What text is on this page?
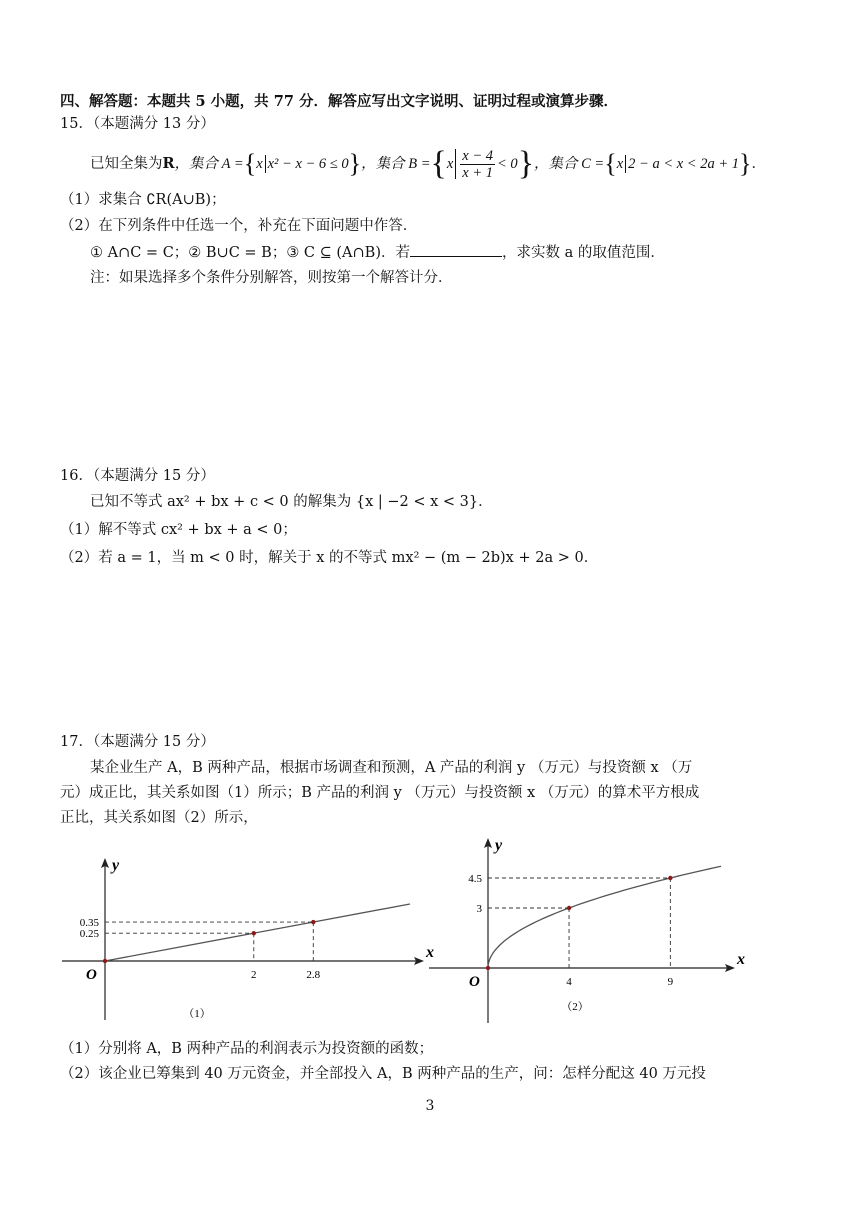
四、解答题：本题共 5 小题，共 77 分．解答应写出文字说明、证明过程或演算步骤．
15．（本题满分 13 分）
已知全集为 R ，集合 A = { x x² − x − 6 ≤ 0 } ，集合 B = { x $\frac{x - 4}{x + 1} < 0$ } ，集合 C = { x 2 − a < x < 2a + 1 } ．
（1）求集合 ∁R(A∪B)；
（2）在下列条件中任选一个，补充在下面问题中作答．
① A∩C = C；② B∪C = B；③ C ⊆ (A∩B)．若	，求实数 a 的取值范围．
注：如果选择多个条件分别解答，则按第一个解答计分．
16．（本题满分 15 分）
已知不等式 ax² + bx + c < 0 的解集为 {x | −2 < x < 3}．
（1）解不等式 cx² + bx + a < 0；
（2）若 a = 1，当 m < 0 时，解关于 x 的不等式 mx² − (m − 2b)x + 2a > 0．
17．（本题满分 15 分）
某企业生产 A，B 两种产品，根据市场调查和预测，A 产品的利润 y （万元）与投资额 x （万
元）成正比，其关系如图（1）所示；B 产品的利润 y （万元）与投资额 x （万元）的算术平方根成
正比，其关系如图（2）所示，
x
y
O	2
0.25
2.8
0.35
（1）
x
y
O	4
3
9
4.5
（2）
（1）分别将 A，B 两种产品的利润表示为投资额的函数；
（2）该企业已筹集到 40 万元资金，并全部投入 A，B 两种产品的生产，问：怎样分配这 40 万元投
3
